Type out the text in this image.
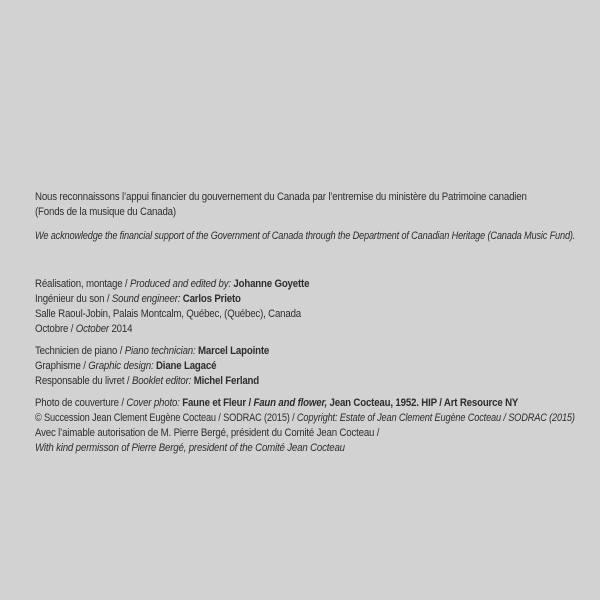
Nous reconnaissons l’appui financier du gouvernement du Canada par l’entremise du ministère du Patrimoine canadien
(Fonds de la musique du Canada)
We acknowledge the financial support of the Government of Canada through the Department of Canadian Heritage (Canada Music Fund).
Réalisation, montage / Produced and edited by: Johanne Goyette
Ingénieur du son / Sound engineer: Carlos Prieto
Salle Raoul-Jobin, Palais Montcalm, Québec, (Québec), Canada
Octobre / October 2014
Technicien de piano / Piano technician: Marcel Lapointe
Graphisme / Graphic design: Diane Lagacé
Responsable du livret / Booklet editor: Michel Ferland
Photo de couverture / Cover photo: Faune et Fleur / Faun and flower, Jean Cocteau, 1952. HIP / Art Resource NY
© Succession Jean Clement Eugène Cocteau / SODRAC (2015) / Copyright: Estate of Jean Clement Eugène Cocteau / SODRAC (2015)
Avec l’aimable autorisation de M. Pierre Bergé, président du Comité Jean Cocteau /
With kind permisson of Pierre Bergé, president of the Comité Jean Cocteau
